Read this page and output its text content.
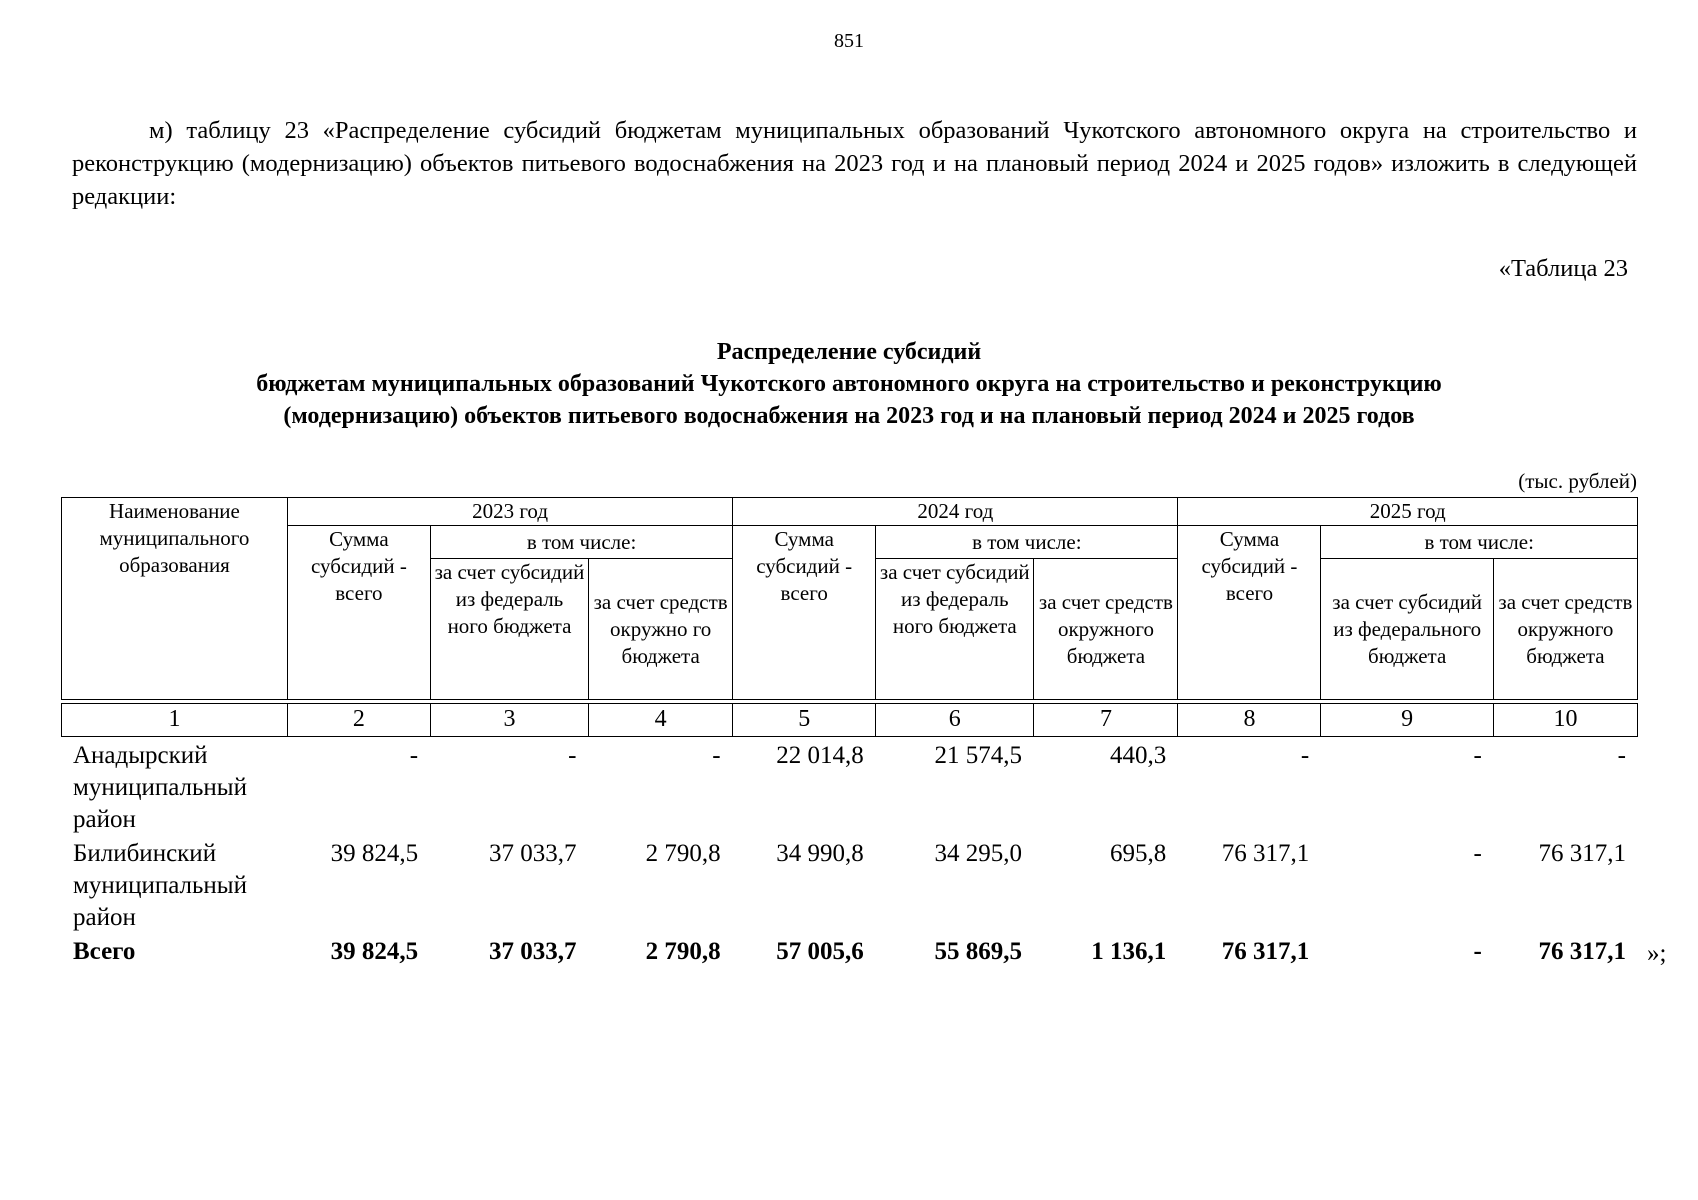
851

м) таблицу 23 «Распределение субсидий бюджетам муниципальных образований Чукотского автономного округа на строительство и реконструкцию (модернизацию) объектов питьевого водоснабжения на 2023 год и на плановый период 2024 и 2025 годов» изложить в следующей редакции:

«Таблица 23
Распределение субсидий
бюджетам муниципальных образований Чукотского автономного округа на строительство и реконструкцию
(модернизацию) объектов питьевого водоснабжения на 2023 год и на плановый период 2024 и 2025 годов
(тыс. рублей)
Наименование муниципального образования	2023 год			2024 год			2025 год		
	Сумма субсидий - всего	в том числе:		Сумма субсидий - всего	в том числе:		Сумма субсидий - всего	в том числе:	
		за счет субсидий из федераль ного бюджета	за счет средств окружно го бюджета		за счет субсидий из федераль ного бюджета	за счет средств окружного бюджета		за счет субсидий из федерального бюджета	за счет средств окружного бюджета

1	2	3	4	5	6	7	8	9	10
Анадырский муниципальный район	-	-	-	22 014,8	21 574,5	440,3	-	-	-
Билибинский муниципальный район	39 824,5	37 033,7	2 790,8	34 990,8	34 295,0	695,8	76 317,1	-	76 317,1
Всего	39 824,5	37 033,7	2 790,8	57 005,6	55 869,5	1 136,1	76 317,1	-	76 317,1 »;
